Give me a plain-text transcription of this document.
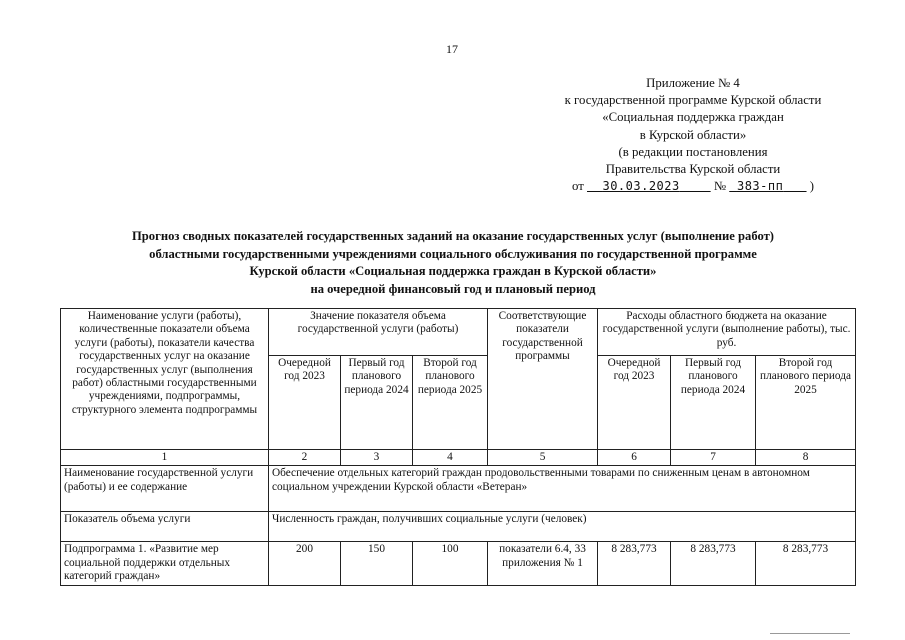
17
Приложение № 4
к государственной программе Курской области
«Социальная поддержка граждан
в Курской области»
(в редакции постановления
Правительства Курской области
от 30.03.2023	№ 383-пп )
Прогноз сводных показателей государственных заданий на оказание государственных услуг (выполнение работ)
областными государственными учреждениями социального обслуживания по государственной программе
Курской области «Социальная поддержка граждан в Курской области»
на очередной финансовый год и плановый период
Наименование услуги (работы), количественные показатели объема услуги (работы), показатели качества государственных услуг на оказание государственных услуг (выполнения работ) областными государственными учреждениями, подпрограммы, структурного элемента подпрограммы	Значение показателя объема государственной услуги (работы)			Соответствующие показатели государственной программы	Расходы областного бюджета на оказание государственной услуги (выполнение работы), тыс. руб.		
	Очередной год 2023	Первый год планового периода 2024	Второй год планового периода 2025		Очередной год 2023	Первый год планового периода 2024	Второй год планового периода 2025
1	2	3	4	5	6	7	8
Наименование государственной услуги (работы) и ее содержание	Обеспечение отдельных категорий граждан продовольственными товарами по сниженным ценам в автономном социальном учреждении Курской области «Ветеран»						
Показатель объема услуги	Численность граждан, получивших социальные услуги (человек)						
Подпрограмма 1. «Развитие мер социальной поддержки отдельных категорий граждан»	200	150	100	показатели 6.4, 33 приложения № 1	8 283,773	8 283,773	8 283,773
